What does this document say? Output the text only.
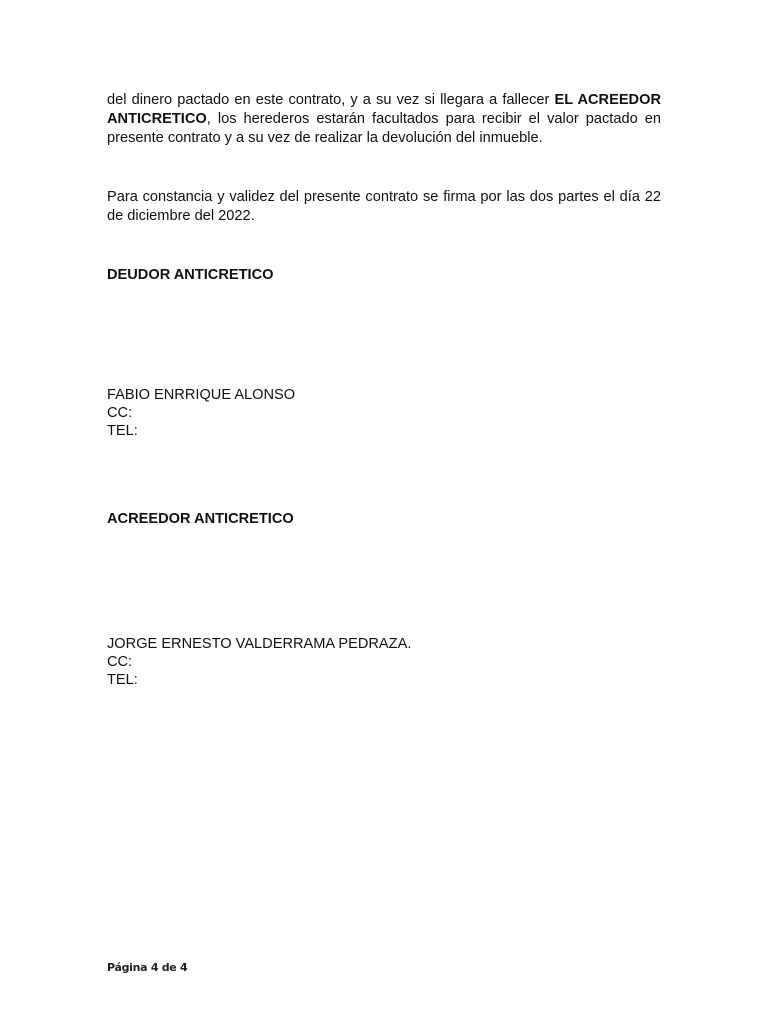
del dinero pactado en este contrato, y a su vez si llegara a fallecer EL ACREEDOR ANTICRETICO, los herederos estarán facultados para recibir el valor pactado en presente contrato y a su vez de realizar la devolución del inmueble.

Para constancia y validez del presente contrato se firma por las dos partes el día 22 de diciembre del 2022.

DEUDOR ANTICRETICO

FABIO ENRRIQUE ALONSO
CC:
TEL:

ACREEDOR ANTICRETICO

JORGE ERNESTO VALDERRAMA PEDRAZA.
CC:
TEL:
Página 4 de 4
